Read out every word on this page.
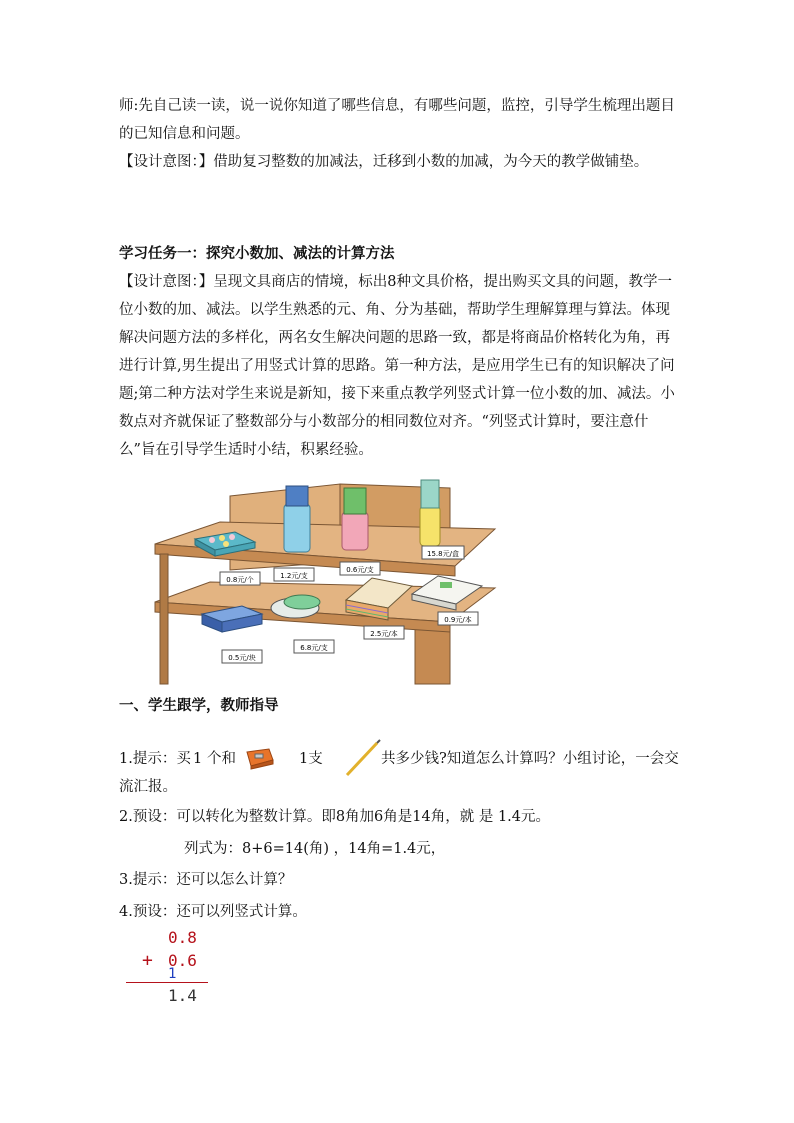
师:先自己读一读，说一说你知道了哪些信息，有哪些问题，监控，引导学生梳理出题目的已知信息和问题。

【设计意图：】借助复习整数的加减法，迁移到小数的加减，为今天的教学做铺垫。

学习任务一：探究小数加、减法的计算方法

【设计意图：】呈现文具商店的情境，标出8种文具价格，提出购买文具的问题，教学一位小数的加、减法。以学生熟悉的元、角、分为基础，帮助学生理解算理与算法。体现解决问题方法的多样化，两名女生解决问题的思路一致，都是将商品价格转化为角，再进行计算,男生提出了用竖式计算的思路。第一种方法，是应用学生已有的知识解决了问题;第二种方法对学生来说是新知，接下来重点教学列竖式计算一位小数的加、减法。小数点对齐就保证了整数部分与小数部分的相同数位对齐。“列竖式计算时，要注意什么”旨在引导学生适时小结，积累经验。

0.8元/个	1.2元/支
0.6元/支
15.8元/盒
0.5元/块
6.8元/支
2.5元/本
0.9元/本

一、学生跟学，教师指导

1.提示：买 1 个和	1支	共多少钱?知道怎么计算吗？小组讨论，一会交

流汇报。

2.预设：可以转化为整数计算。即8角加6角是14角，就 是 1.4元。

列式为：8+6=14(角) ，14角=1.4元，

3.提示：还可以怎么计算？

4.预设：还可以列竖式计算。

0.8
+ 0.6
1
1.4
